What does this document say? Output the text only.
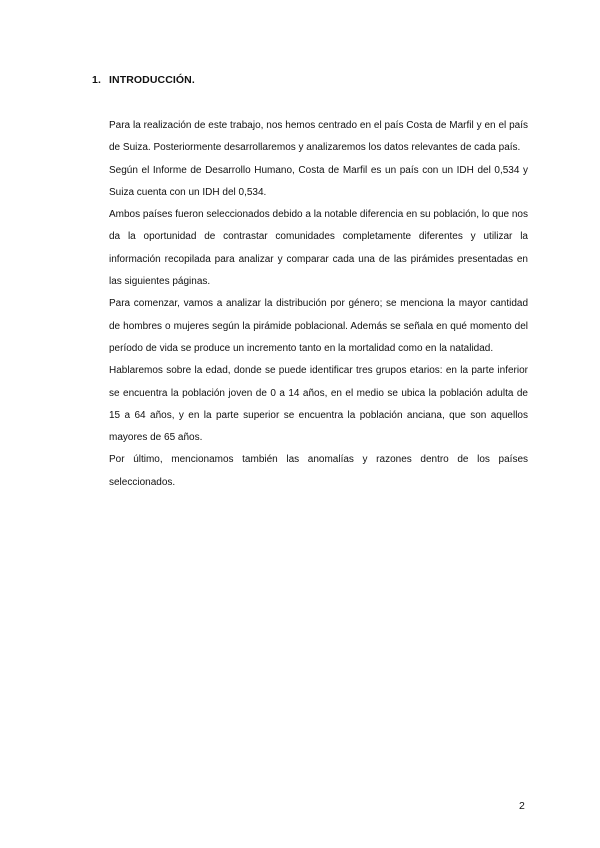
1. INTRODUCCIÓN.

Para la realización de este trabajo, nos hemos centrado en el país Costa de Marfil y en el país de Suiza. Posteriormente desarrollaremos y analizaremos los datos relevantes de cada país.

Según el Informe de Desarrollo Humano, Costa de Marfil es un país con un IDH del 0,534 y Suiza cuenta con un IDH del 0,534.

Ambos países fueron seleccionados debido a la notable diferencia en su población, lo que nos da la oportunidad de contrastar comunidades completamente diferentes y utilizar la información recopilada para analizar y comparar cada una de las pirámides presentadas en las siguientes páginas.

Para comenzar, vamos a analizar la distribución por género; se menciona la mayor cantidad de hombres o mujeres según la pirámide poblacional. Además se señala en qué momento del período de vida se produce un incremento tanto en la mortalidad como en la natalidad.

Hablaremos sobre la edad, donde se puede identificar tres grupos etarios: en la parte inferior se encuentra la población joven de 0 a 14 años, en el medio se ubica la población adulta de 15 a 64 años, y en la parte superior se encuentra la población anciana, que son aquellos mayores de 65 años.

Por último, mencionamos también las anomalías y razones dentro de los países seleccionados.

2
